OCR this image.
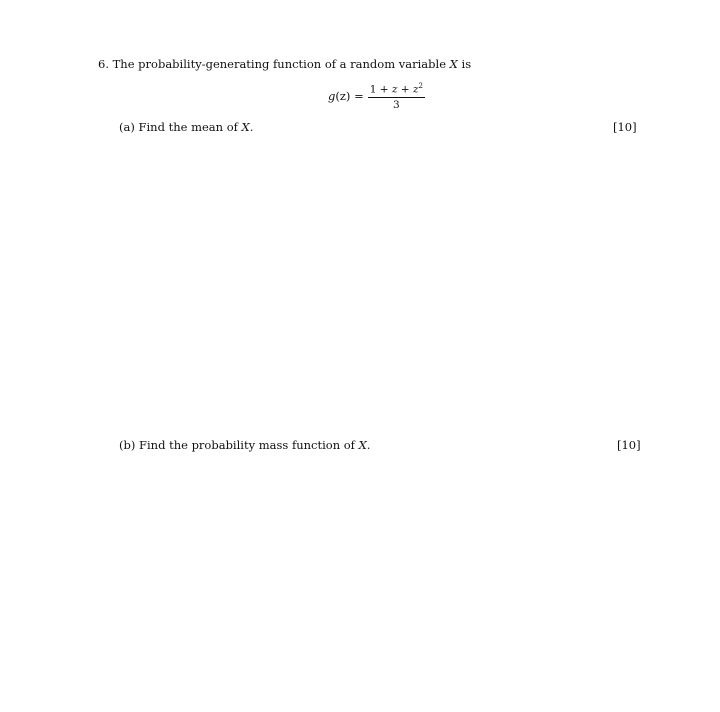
6. The probability-generating function of a random variable X is
$g(z) = \frac{1 + z + z^2}{3}$
(a) Find the mean of X.	[10]
(b) Find the probability mass function of X.	[10]
